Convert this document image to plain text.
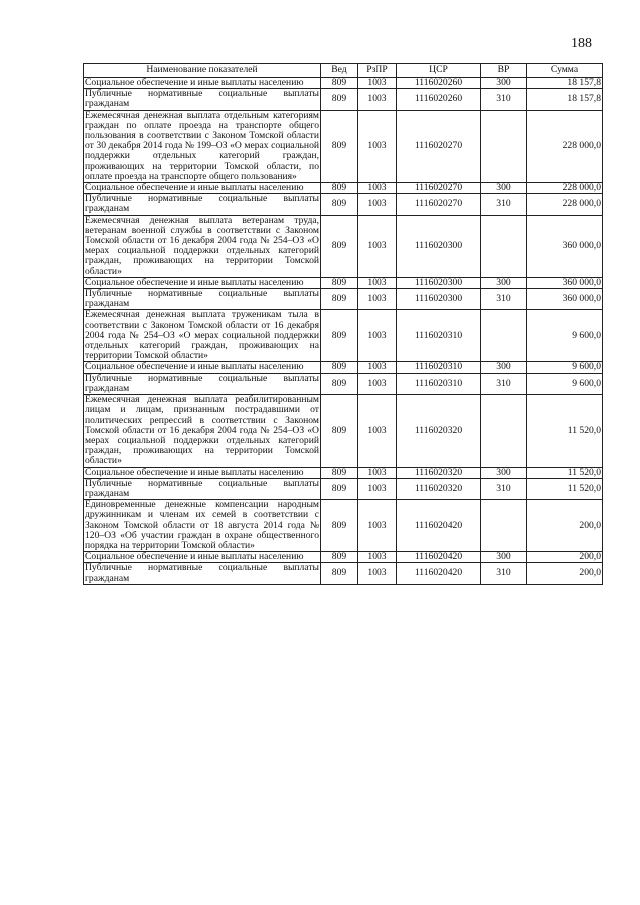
188
Наименование показателей	Вед	РзПР	ЦСР	ВР	Сумма
Социальное обеспечение и иные выплаты населению	809	1003	1116020260	300	18 157,8
Публичные нормативные социальные выплаты гражданам	809	1003	1116020260	310	18 157,8
Ежемесячная денежная выплата отдельным категориям граждан по оплате проезда на транспорте общего пользования в соответствии с Законом Томской области от 30 декабря 2014 года № 199–ОЗ «О мерах социальной поддержки отдельных категорий граждан, проживающих на территории Томской области, по оплате проезда на транспорте общего пользования»	809	1003	1116020270		228 000,0
Социальное обеспечение и иные выплаты населению	809	1003	1116020270	300	228 000,0
Публичные нормативные социальные выплаты гражданам	809	1003	1116020270	310	228 000,0
Ежемесячная денежная выплата ветеранам труда, ветеранам военной службы в соответствии с Законом Томской области от 16 декабря 2004 года № 254–ОЗ «О мерах социальной поддержки отдельных категорий граждан, проживающих на территории Томской области»	809	1003	1116020300		360 000,0
Социальное обеспечение и иные выплаты населению	809	1003	1116020300	300	360 000,0
Публичные нормативные социальные выплаты гражданам	809	1003	1116020300	310	360 000,0
Ежемесячная денежная выплата труженикам тыла в соответствии с Законом Томской области от 16 декабря 2004 года № 254–ОЗ «О мерах социальной поддержки отдельных категорий граждан, проживающих на территории Томской области»	809	1003	1116020310		9 600,0
Социальное обеспечение и иные выплаты населению	809	1003	1116020310	300	9 600,0
Публичные нормативные социальные выплаты гражданам	809	1003	1116020310	310	9 600,0
Ежемесячная денежная выплата реабилитированным лицам и лицам, признанным пострадавшими от политических репрессий в соответствии с Законом Томской области от 16 декабря 2004 года № 254–ОЗ «О мерах социальной поддержки отдельных категорий граждан, проживающих на территории Томской области»	809	1003	1116020320		11 520,0
Социальное обеспечение и иные выплаты населению	809	1003	1116020320	300	11 520,0
Публичные нормативные социальные выплаты гражданам	809	1003	1116020320	310	11 520,0
Единовременные денежные компенсации народным дружинникам и членам их семей в соответствии с Законом Томской области от 18 августа 2014 года № 120–ОЗ «Об участии граждан в охране общественного порядка на территории Томской области»	809	1003	1116020420		200,0
Социальное обеспечение и иные выплаты населению	809	1003	1116020420	300	200,0
Публичные нормативные социальные выплаты гражданам	809	1003	1116020420	310	200,0
